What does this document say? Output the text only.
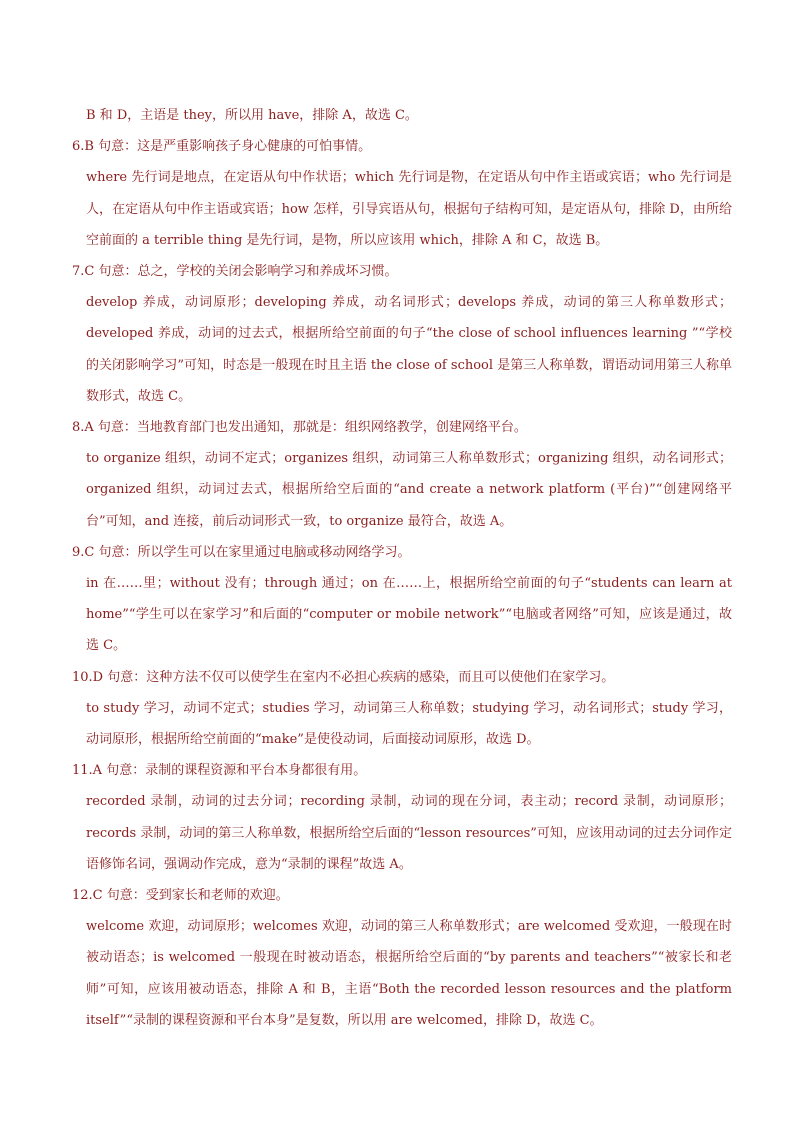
B 和 D，主语是 they，所以用 have，排除 A，故选 C。

6.B 句意：这是严重影响孩子身心健康的可怕事情。

where 先行词是地点，在定语从句中作状语；which 先行词是物，在定语从句中作主语或宾语；who 先行词是人，在定语从句中作主语或宾语；how 怎样，引导宾语从句，根据句子结构可知，是定语从句，排除 D，由所给空前面的 a terrible thing 是先行词，是物，所以应该用 which，排除 A 和 C，故选 B。

7.C 句意：总之，学校的关闭会影响学习和养成坏习惯。

develop 养成，动词原形；developing 养成，动名词形式；develops 养成，动词的第三人称单数形式；developed 养成，动词的过去式，根据所给空前面的句子“the close of school influences learning ”“学校的关闭影响学习”可知，时态是一般现在时且主语 the close of school 是第三人称单数，谓语动词用第三人称单数形式，故选 C。

8.A 句意：当地教育部门也发出通知，那就是：组织网络教学，创建网络平台。

to organize 组织，动词不定式；organizes 组织，动词第三人称单数形式；organizing 组织，动名词形式；organized 组织，动词过去式，根据所给空后面的“and create a network platform (平台)”“创建网络平台”可知，and 连接，前后动词形式一致，to organize 最符合，故选 A。

9.C 句意：所以学生可以在家里通过电脑或移动网络学习。

in 在……里；without 没有；through 通过；on 在……上，根据所给空前面的句子“students can learn at home”“学生可以在家学习”和后面的“computer or mobile network”“电脑或者网络”可知，应该是通过，故选 C。

10.D 句意：这种方法不仅可以使学生在室内不必担心疾病的感染，而且可以使他们在家学习。

to study 学习，动词不定式；studies 学习，动词第三人称单数；studying 学习，动名词形式；study 学习，动词原形，根据所给空前面的“make”是使役动词，后面接动词原形，故选 D。

11.A 句意：录制的课程资源和平台本身都很有用。

recorded 录制，动词的过去分词；recording 录制，动词的现在分词，表主动；record 录制，动词原形；records 录制，动词的第三人称单数，根据所给空后面的“lesson resources”可知，应该用动词的过去分词作定语修饰名词，强调动作完成，意为“录制的课程”故选 A。

12.C 句意：受到家长和老师的欢迎。

welcome 欢迎，动词原形；welcomes 欢迎，动词的第三人称单数形式；are welcomed 受欢迎，一般现在时被动语态；is welcomed 一般现在时被动语态，根据所给空后面的“by parents and teachers”“被家长和老师”可知，应该用被动语态，排除 A 和 B，主语“Both the recorded lesson resources and the platform itself”“录制的课程资源和平台本身”是复数，所以用 are welcomed，排除 D，故选 C。
